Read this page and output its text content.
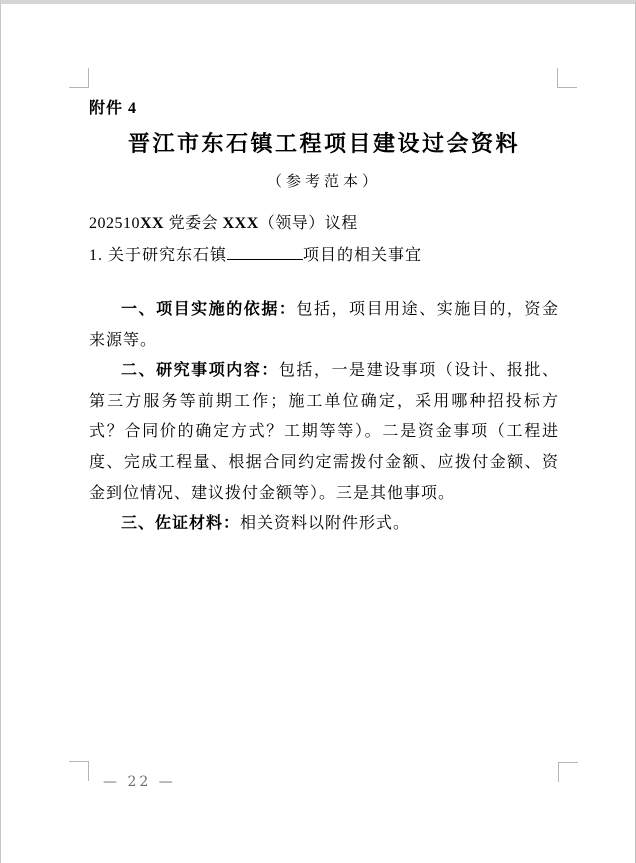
附件 4
晋江市东石镇工程项目建设过会资料
（参考范本）
202510XX 党委会 XXX（领导）议程
1. 关于研究东石镇	项目的相关事宜

一、项目实施的依据：包括，项目用途、实施目的，资金来源等。

二、研究事项内容：包括，一是建设事项（设计、报批、第三方服务等前期工作；施工单位确定，采用哪种招投标方式？合同价的确定方式？工期等等）。二是资金事项（工程进度、完成工程量、根据合同约定需拨付金额、应拨付金额、资金到位情况、建议拨付金额等）。三是其他事项。

三、佐证材料：相关资料以附件形式。

— 22 —
